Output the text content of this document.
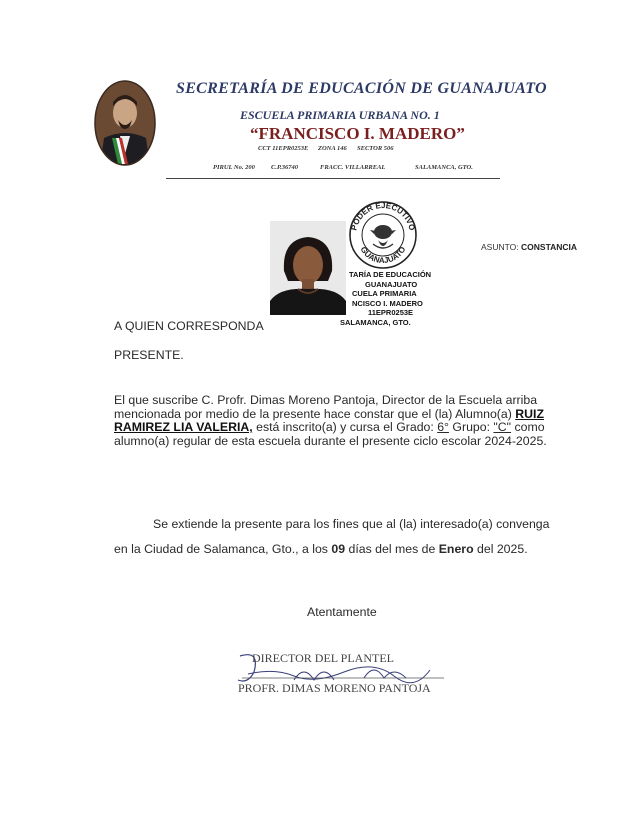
SECRETARÍA DE EDUCACIÓN DE GUANAJUATO
ESCUELA PRIMARIA URBANA NO. 1
“FRANCISCO I. MADERO”
CCT 11EPR0253E ZONA 146 SECTOR 506
PIRUL No. 200 C.P.36740	FRACC. VILLARREAL	SALAMANCA, GTO.
PODER EJECUTIVO
GUANAJUATO
TARÍA DE EDUCACIÓN
GUANAJUATO
CUELA PRIMARIA
NCISCO I. MADERO
11EPR0253E
SALAMANCA, GTO.
ASUNTO: CONSTANCIA
A QUIEN CORRESPONDA
PRESENTE.
El que suscribe C. Profr. Dimas Moreno Pantoja, Director de la Escuela arriba mencionada por medio de la presente hace constar que el (la) Alumno(a) RUIZ RAMIREZ LIA VALERIA, está inscrito(a) y cursa el Grado: 6° Grupo: "C" como alumno(a) regular de esta escuela durante el presente ciclo escolar 2024-2025.
Se extiende la presente para los fines que al (la) interesado(a) convenga
en la Ciudad de Salamanca, Gto., a los 09 días del mes de Enero del 2025.
Atentamente
DIRECTOR DEL PLANTEL
PROFR. DIMAS MORENO PANTOJA
